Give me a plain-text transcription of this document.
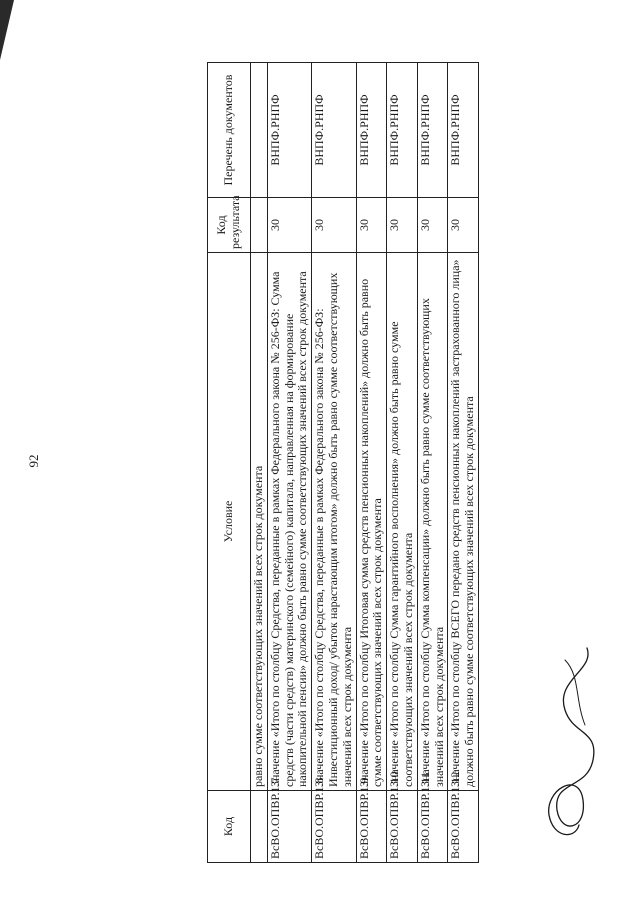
92
Код	Условие	Код результата	Перечень документов
	равно сумме соответствующих значений всех строк документа		
ВсВО.ОПВР.1.7	Значение «Итого по столбцу Средства, переданные в рамках Федерального закона № 256-ФЗ: Сумма средств (части средств) материнского (семейного) капитала, направленная на формирование накопительной пенсии» должно быть равно сумме соответствующих значений всех строк документа	30	ВНПФ.РНПФ
ВсВО.ОПВР.1.8	Значение «Итого по столбцу Средства, переданные в рамках Федерального закона № 256-ФЗ: Инвестиционный доход/ убыток нарастающим итогом» должно быть равно сумме соответствующих значений всех строк документа	30	ВНПФ.РНПФ
ВсВО.ОПВР.1.9	Значение «Итого по столбцу Итоговая сумма средств пенсионных накоплений» должно быть равно сумме соответствующих значений всех строк документа	30	ВНПФ.РНПФ
ВсВО.ОПВР.1.10	Значение «Итого по столбцу Сумма гарантийного восполнения» должно быть равно сумме соответствующих значений всех строк документа	30	ВНПФ.РНПФ
ВсВО.ОПВР.1.11	Значение «Итого по столбцу Сумма компенсации» должно быть равно сумме соответствующих значений всех строк документа	30	ВНПФ.РНПФ
ВсВО.ОПВР.1.12	Значение «Итого по столбцу ВСЕГО передано средств пенсионных накоплений застрахованного лица» должно быть равно сумме соответствующих значений всех строк документа	30	ВНПФ.РНПФ
